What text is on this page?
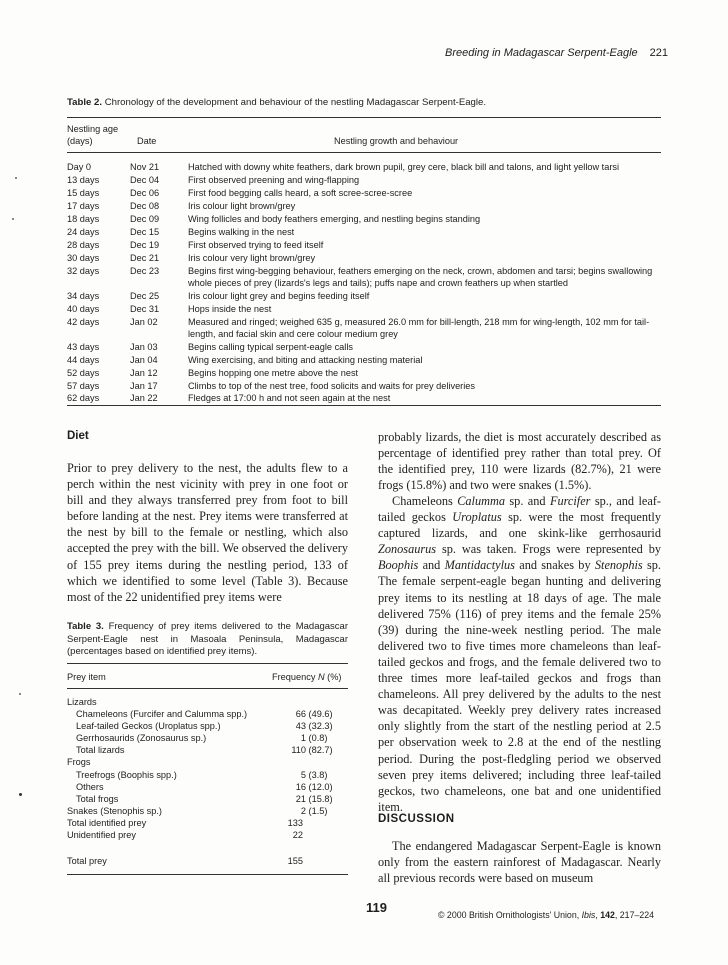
Breeding in Madagascar Serpent-Eagle 221
Table 2. Chronology of the development and behaviour of the nestling Madagascar Serpent-Eagle.
Nestling age
(days)	Date	Nestling growth and behaviour
Day 0	Nov 21	Hatched with downy white feathers, dark brown pupil, grey cere, black bill and talons, and light yellow tarsi
13 days	Dec 04	First observed preening and wing-flapping
15 days	Dec 06	First food begging calls heard, a soft scree-scree-scree
17 days	Dec 08	Iris colour light brown/grey
18 days	Dec 09	Wing follicles and body feathers emerging, and nestling begins standing
24 days	Dec 15	Begins walking in the nest
28 days	Dec 19	First observed trying to feed itself
30 days	Dec 21	Iris colour very light brown/grey
32 days	Dec 23	Begins first wing-begging behaviour, feathers emerging on the neck, crown, abdomen and tarsi; begins swallowing whole pieces of prey (lizards's legs and tails); puffs nape and crown feathers up when startled
34 days	Dec 25	Iris colour light grey and begins feeding itself
40 days	Dec 31	Hops inside the nest
42 days	Jan 02	Measured and ringed; weighed 635 g, measured 26.0 mm for bill-length, 218 mm for wing-length, 102 mm for tail-length, and facial skin and cere colour medium grey
43 days	Jan 03	Begins calling typical serpent-eagle calls
44 days	Jan 04	Wing exercising, and biting and attacking nesting material
52 days	Jan 12	Begins hopping one metre above the nest
57 days	Jan 17	Climbs to top of the nest tree, food solicits and waits for prey deliveries
62 days	Jan 22	Fledges at 17:00 h and not seen again at the nest
Diet
Prior to prey delivery to the nest, the adults flew to a perch within the nest vicinity with prey in one foot or bill and they always transferred prey from foot to bill before landing at the nest. Prey items were transferred at the nest by bill to the female or nestling, which also accepted the prey with the bill. We observed the delivery of 155 prey items during the nestling period, 133 of which we identified to some level (Table 3). Because most of the 22 unidentified prey items were
Table 3. Frequency of prey items delivered to the Madagascar Serpent-Eagle nest in Masoala Peninsula, Madagascar (percentages based on identified prey items).
Prey item	Frequency N (%)
Lizards
Chameleons (Furcifer and Calumma spp.)	66 (49.6)
Leaf-tailed Geckos (Uroplatus spp.)	43 (32.3)
Gerrhosaurids (Zonosaurus sp.)	1 (0.8)
Total lizards	110 (82.7)
Frogs
Treefrogs (Boophis spp.)	5 (3.8)
Others	16 (12.0)
Total frogs	21 (15.8)
Snakes (Stenophis sp.)	2 (1.5)
Total identified prey	133
Unidentified prey	22
Total prey	155
probably lizards, the diet is most accurately described as percentage of identified prey rather than total prey. Of the identified prey, 110 were lizards (82.7%), 21 were frogs (15.8%) and two were snakes (1.5%).
Chameleons Calumma sp. and Furcifer sp., and leaf-tailed geckos Uroplatus sp. were the most frequently captured lizards, and one skink-like gerrhosaurid Zonosaurus sp. was taken. Frogs were represented by Boophis and Mantidactylus and snakes by Stenophis sp. The female serpent-eagle began hunting and delivering prey items to its nestling at 18 days of age. The male delivered 75% (116) of prey items and the female 25% (39) during the nine-week nestling period. The male delivered two to five times more chameleons than leaf-tailed geckos and frogs, and the female delivered two to three times more leaf-tailed geckos and frogs than chameleons. All prey delivered by the adults to the nest was decapitated. Weekly prey delivery rates increased only slightly from the start of the nestling period at 2.5 per observation week to 2.8 at the end of the nestling period. During the post-fledgling period we observed seven prey items delivered; including three leaf-tailed geckos, two chameleons, one bat and one unidentified item.
DISCUSSION
The endangered Madagascar Serpent-Eagle is known only from the eastern rainforest of Madagascar. Nearly all previous records were based on museum
119	© 2000 British Ornithologists' Union, Ibis, 142, 217–224
